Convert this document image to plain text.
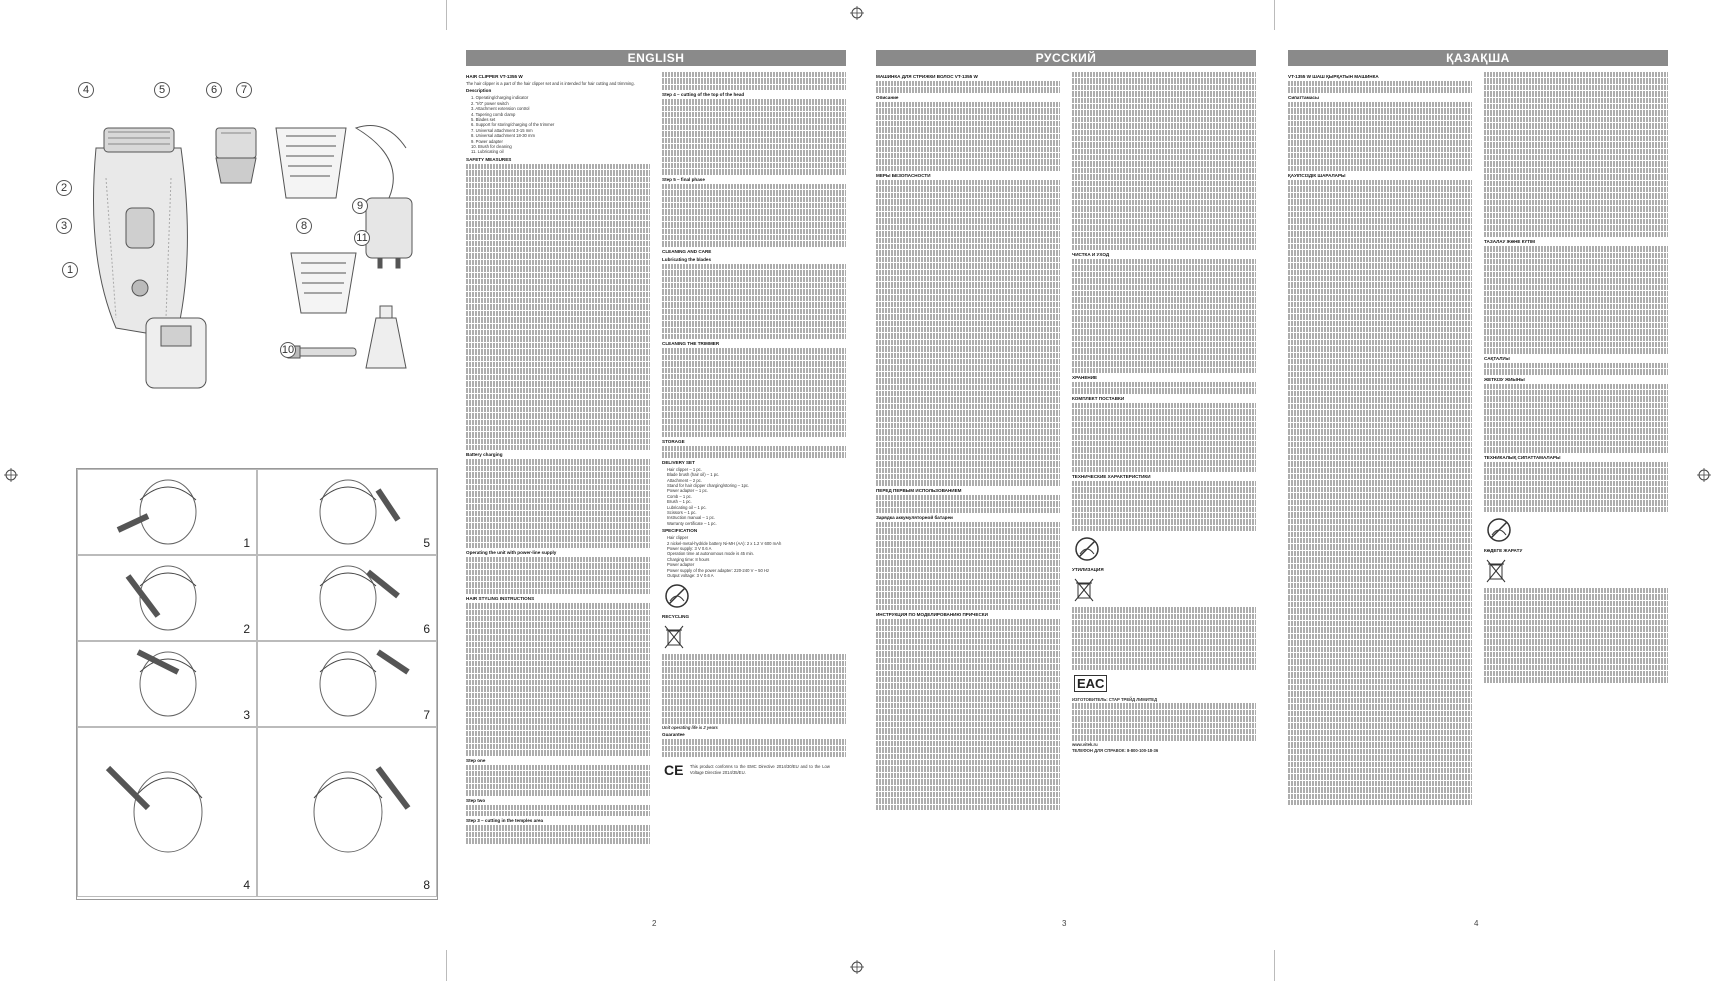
4	5	6	7
2
3
1
8
9
10
11
1	5
2	6
3	7
4	8
ENGLISH
HAIR CLIPPER VT-1355 W
The hair clipper is a part of the hair clipper set and is intended for hair cutting and trimming.
Description
1. Operating/charging indicator
2. "I/0" power switch
3. Attachment extension control
4. Tapering comb clamp
5. Blades set
6. Support for storing/charging of the trimmer
7. Universal attachment 3-15 mm
8. Universal attachment 18-30 mm
9. Power adapter
10. Brush for cleaning
11. Lubricating oil
SAFETY MEASURES
Battery charging
Operating the unit with power-line supply
HAIR STYLING INSTRUCTIONS
Step one
Step two
Step 3 – cutting in the temples area
Step 4 – cutting of the top of the head
Step 5 – final phase
CLEANING AND CARE
Lubricating the blades
CLEANING THE TRIMMER
STORAGE
DELIVERY SET
Hair clipper – 1 pc.
Blade brush (hair oil) – 1 pc.
Attachment – 2 pc.
Stand for hair clipper charging/storing – 1pc.
Power adapter – 1 pc.
Comb – 1 pc.
Brush – 1 pc.
Lubricating oil – 1 pc.
Scissors – 1 pc.
Instruction manual – 1 pc.
Warranty certificate – 1 pc.
SPECIFICATION
Hair clipper
2 nickel-metal-hydride battery Ni-MH (AA): 2 x 1.2 V 600 mAh
Power supply: 3 V 0.6 A
Operation time at autonomous mode is 45 min.
Charging time: 8 hours
Power adapter
Power supply of the power adapter: 220-240 V ~ 50 Hz
Output voltage: 3 V 0.6 A
RECYCLING
Unit operating life is 2 years
Guarantee
CE This product conforms to the EMC Directive 2014/30/EU and to the Low Voltage Directive 2014/35/EU.
2
РУССКИЙ
МАШИНКА ДЛЯ СТРИЖКИ ВОЛОС VT-1355 W
Описание
МЕРЫ БЕЗОПАСНОСТИ
ПЕРЕД ПЕРВЫМ ИСПОЛЬЗОВАНИЕМ
Зарядка аккумуляторной батареи
ИНСТРУКЦИЯ ПО МОДЕЛИРОВАНИЮ ПРИЧЕСКИ
ЧИСТКА И УХОД
ХРАНЕНИЕ
КОМПЛЕКТ ПОСТАВКИ
ТЕХНИЧЕСКИЕ ХАРАКТЕРИСТИКИ
УТИЛИЗАЦИЯ
EAC
ИЗГОТОВИТЕЛЬ: СТАР ТРЕЙД ЛИМИТЕД
www.vitek.ru
ТЕЛЕФОН ДЛЯ СПРАВОК: 8-800-100-18-36
3
ҚАЗАҚША
VT-1355 W ШАШ ҚЫРҚАТЫН МАШИНКА
Сипаттамасы
ҚАУІПСІЗДІК ШАРАЛАРЫ
ТАЗАЛАУ ЖӘНЕ КҮТІМ
САҚТАЛУЫ
ЖЕТКІЗУ ЖИЫНЫ
ТЕХНИКАЛЫҚ СИПАТТАМАЛАРЫ
КӘДЕГЕ ЖАРАТУ
4
